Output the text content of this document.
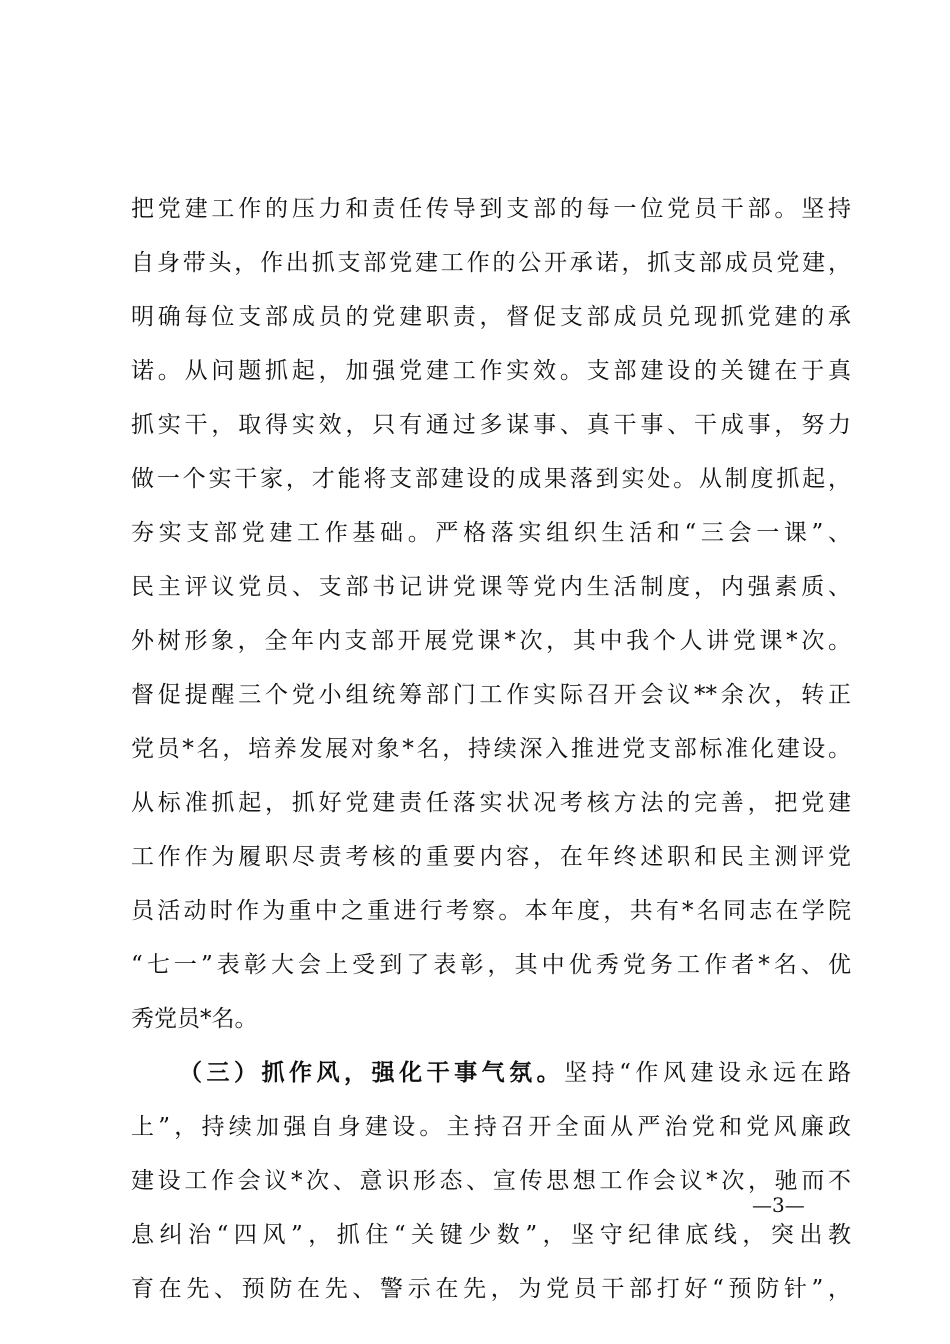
把党建工作的压力和责任传导到支部的每一位党员干部。坚持
自身带头，作出抓支部党建工作的公开承诺，抓支部成员党建，
明确每位支部成员的党建职责，督促支部成员兑现抓党建的承
诺。从问题抓起，加强党建工作实效。支部建设的关键在于真
抓实干，取得实效，只有通过多谋事、真干事、干成事，努力
做一个实干家，才能将支部建设的成果落到实处。从制度抓起，
夯实支部党建工作基础。严格落实组织生活和“三会一课”、
民主评议党员、支部书记讲党课等党内生活制度，内强素质、
外树形象，全年内支部开展党课*次，其中我个人讲党课*次。
督促提醒三个党小组统筹部门工作实际召开会议**余次，转正
党员*名，培养发展对象*名，持续深入推进党支部标准化建设。
从标准抓起，抓好党建责任落实状况考核方法的完善，把党建
工作作为履职尽责考核的重要内容，在年终述职和民主测评党
员活动时作为重中之重进行考察。本年度，共有*名同志在学院
“七一”表彰大会上受到了表彰，其中优秀党务工作者*名、优
秀党员*名。
（三）抓作风，强化干事气氛。坚持“作风建设永远在路
上”，持续加强自身建设。主持召开全面从严治党和党风廉政
建设工作会议*次、意识形态、宣传思想工作会议*次，驰而不
息纠治“四风”，抓住“关键少数”，坚守纪律底线，突出教
育在先、预防在先、警示在先，为党员干部打好“预防针”，
—3—
